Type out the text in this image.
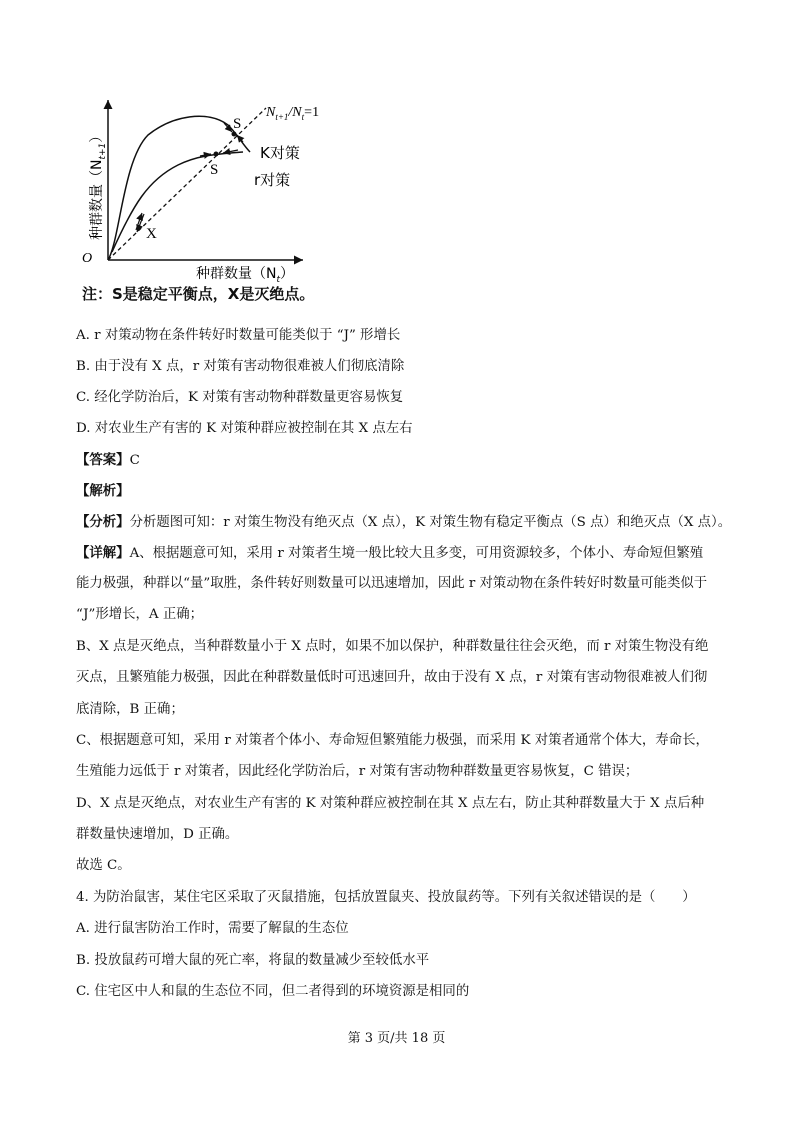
O
X
S
S
K对策
r对策
$N_{t+1}/N_t=1$
种群数量$(N_{t+1})$
种群数量$(N_t)$
注：S是稳定平衡点，X是灭绝点。
A. r 对策动物在条件转好时数量可能类似于 “J” 形增长
B. 由于没有 X 点，r 对策有害动物很难被人们彻底清除
C. 经化学防治后，K 对策有害动物种群数量更容易恢复
D. 对农业生产有害的 K 对策种群应被控制在其 X 点左右
【答案】C
【解析】
【分析】分析题图可知：r 对策生物没有绝灭点（X 点），K 对策生物有稳定平衡点（S 点）和绝灭点（X 点）。
【详解】A、根据题意可知，采用 r 对策者生境一般比较大且多变，可用资源较多，个体小、寿命短但繁殖
能力极强，种群以“量”取胜，条件转好则数量可以迅速增加，因此 r 对策动物在条件转好时数量可能类似于
“J”形增长，A 正确；
B、X 点是灭绝点，当种群数量小于 X 点时，如果不加以保护，种群数量往往会灭绝，而 r 对策生物没有绝
灭点，且繁殖能力极强，因此在种群数量低时可迅速回升，故由于没有 X 点，r 对策有害动物很难被人们彻
底清除，B 正确；
C、根据题意可知，采用 r 对策者个体小、寿命短但繁殖能力极强，而采用 K 对策者通常个体大，寿命长，
生殖能力远低于 r 对策者，因此经化学防治后，r 对策有害动物种群数量更容易恢复，C 错误；
D、X 点是灭绝点，对农业生产有害的 K 对策种群应被控制在其 X 点左右，防止其种群数量大于 X 点后种
群数量快速增加，D 正确。
故选 C。
4. 为防治鼠害，某住宅区采取了灭鼠措施，包括放置鼠夹、投放鼠药等。下列有关叙述错误的是（　　）
A. 进行鼠害防治工作时，需要了解鼠的生态位
B. 投放鼠药可增大鼠的死亡率，将鼠的数量减少至较低水平
C. 住宅区中人和鼠的生态位不同，但二者得到的环境资源是相同的
第 3 页/共 18 页
